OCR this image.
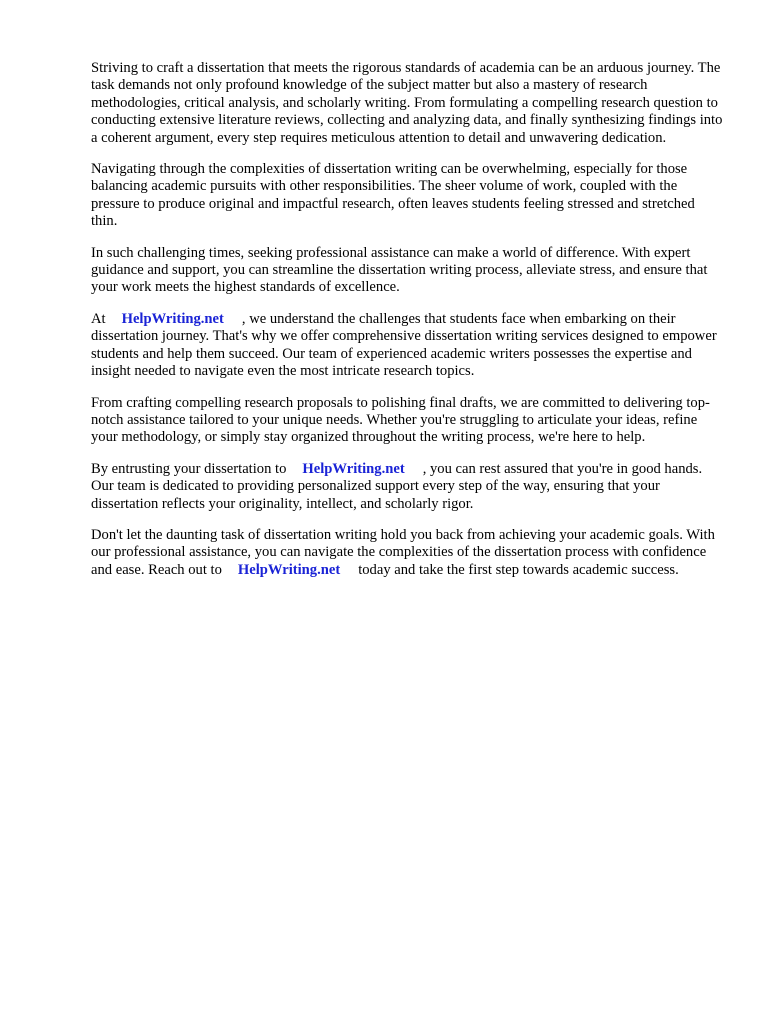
Striving to craft a dissertation that meets the rigorous standards of academia can be an arduous journey. The task demands not only profound knowledge of the subject matter but also a mastery of research methodologies, critical analysis, and scholarly writing. From formulating a compelling research question to conducting extensive literature reviews, collecting and analyzing data, and finally synthesizing findings into a coherent argument, every step requires meticulous attention to detail and unwavering dedication.

Navigating through the complexities of dissertation writing can be overwhelming, especially for those balancing academic pursuits with other responsibilities. The sheer volume of work, coupled with the pressure to produce original and impactful research, often leaves students feeling stressed and stretched thin.

In such challenging times, seeking professional assistance can make a world of difference. With expert guidance and support, you can streamline the dissertation writing process, alleviate stress, and ensure that your work meets the highest standards of excellence.

At HelpWriting.net , we understand the challenges that students face when embarking on their dissertation journey. That's why we offer comprehensive dissertation writing services designed to empower students and help them succeed. Our team of experienced academic writers possesses the expertise and insight needed to navigate even the most intricate research topics.

From crafting compelling research proposals to polishing final drafts, we are committed to delivering top-notch assistance tailored to your unique needs. Whether you're struggling to articulate your ideas, refine your methodology, or simply stay organized throughout the writing process, we're here to help.

By entrusting your dissertation to HelpWriting.net , you can rest assured that you're in good hands. Our team is dedicated to providing personalized support every step of the way, ensuring that your dissertation reflects your originality, intellect, and scholarly rigor.

Don't let the daunting task of dissertation writing hold you back from achieving your academic goals. With our professional assistance, you can navigate the complexities of the dissertation process with confidence and ease. Reach out to HelpWriting.net today and take the first step towards academic success.
